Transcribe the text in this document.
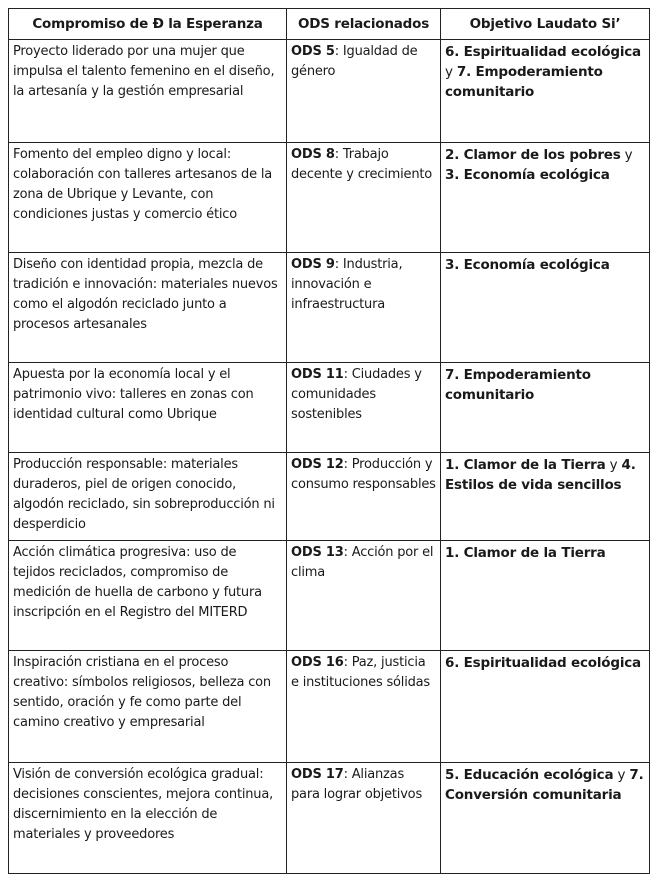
Compromiso de Ð la Esperanza	ODS relacionados	Objetivo Laudato Si’
Proyecto liderado por una mujer que impulsa el talento femenino en el diseño, la artesanía y la gestión empresarial	ODS 5: Igualdad de género	6. Espiritualidad ecológica y 7. Empoderamiento comunitario
Fomento del empleo digno y local: colaboración con talleres artesanos de la zona de Ubrique y Levante, con condiciones justas y comercio ético	ODS 8: Trabajo decente y crecimiento	2. Clamor de los pobres y 3. Economía ecológica
Diseño con identidad propia, mezcla de tradición e innovación: materiales nuevos como el algodón reciclado junto a procesos artesanales	ODS 9: Industria, innovación e infraestructura	3. Economía ecológica
Apuesta por la economía local y el patrimonio vivo: talleres en zonas con identidad cultural como Ubrique	ODS 11: Ciudades y comunidades sostenibles	7. Empoderamiento comunitario
Producción responsable: materiales duraderos, piel de origen conocido, algodón reciclado, sin sobreproducción ni desperdicio	ODS 12: Producción y consumo responsables	1. Clamor de la Tierra y 4. Estilos de vida sencillos
Acción climática progresiva: uso de tejidos reciclados, compromiso de medición de huella de carbono y futura inscripción en el Registro del MITERD	ODS 13: Acción por el clima	1. Clamor de la Tierra
Inspiración cristiana en el proceso creativo: símbolos religiosos, belleza con sentido, oración y fe como parte del camino creativo y empresarial	ODS 16: Paz, justicia e instituciones sólidas	6. Espiritualidad ecológica
Visión de conversión ecológica gradual: decisiones conscientes, mejora continua, discernimiento en la elección de materiales y proveedores	ODS 17: Alianzas para lograr objetivos	5. Educación ecológica y 7. Conversión comunitaria
